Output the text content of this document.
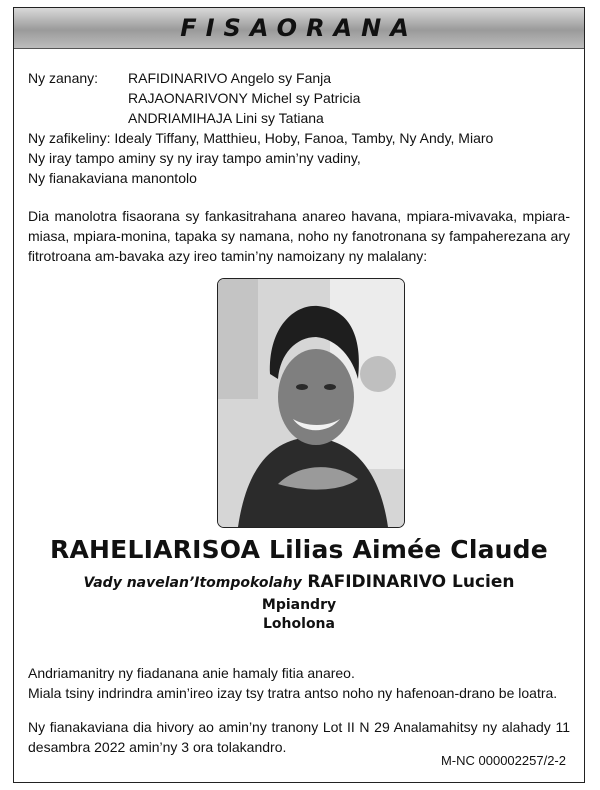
FISAORANA
Ny zanany:	RAFIDINARIVO Angelo sy Fanja
RAJAONARIVONY Michel sy Patricia
ANDRIAMIHAJA Lini sy Tatiana
Ny zafikeliny: Idealy Tiffany, Matthieu, Hoby, Fanoa, Tamby, Ny Andy, Miaro
Ny iray tampo aminy sy ny iray tampo amin’ny vadiny,
Ny fianakaviana manontolo
Dia manolotra fisaorana sy fankasitrahana anareo havana, mpiara-mivavaka, mpiara-miasa, mpiara-monina, tapaka sy namana, noho ny fanotronana sy fampaherezana ary fitrotroana am-bavaka azy ireo tamin’ny namoizany ny malalany:
RAHELIARISOA Lilias Aimée Claude
Vady navelan’Itompokolahy RAFIDINARIVO Lucien
Mpiandry
Loholona
Andriamanitry ny fiadanana anie hamaly fitia anareo.
Miala tsiny indrindra amin’ireo izay tsy tratra antso noho ny hafenoan-drano be loatra.
Ny fianakaviana dia hivory ao amin’ny tranony Lot II N 29 Analamahitsy ny alahady 11 desambra 2022 amin’ny 3 ora tolakandro.
M-NC 000002257/2-2
